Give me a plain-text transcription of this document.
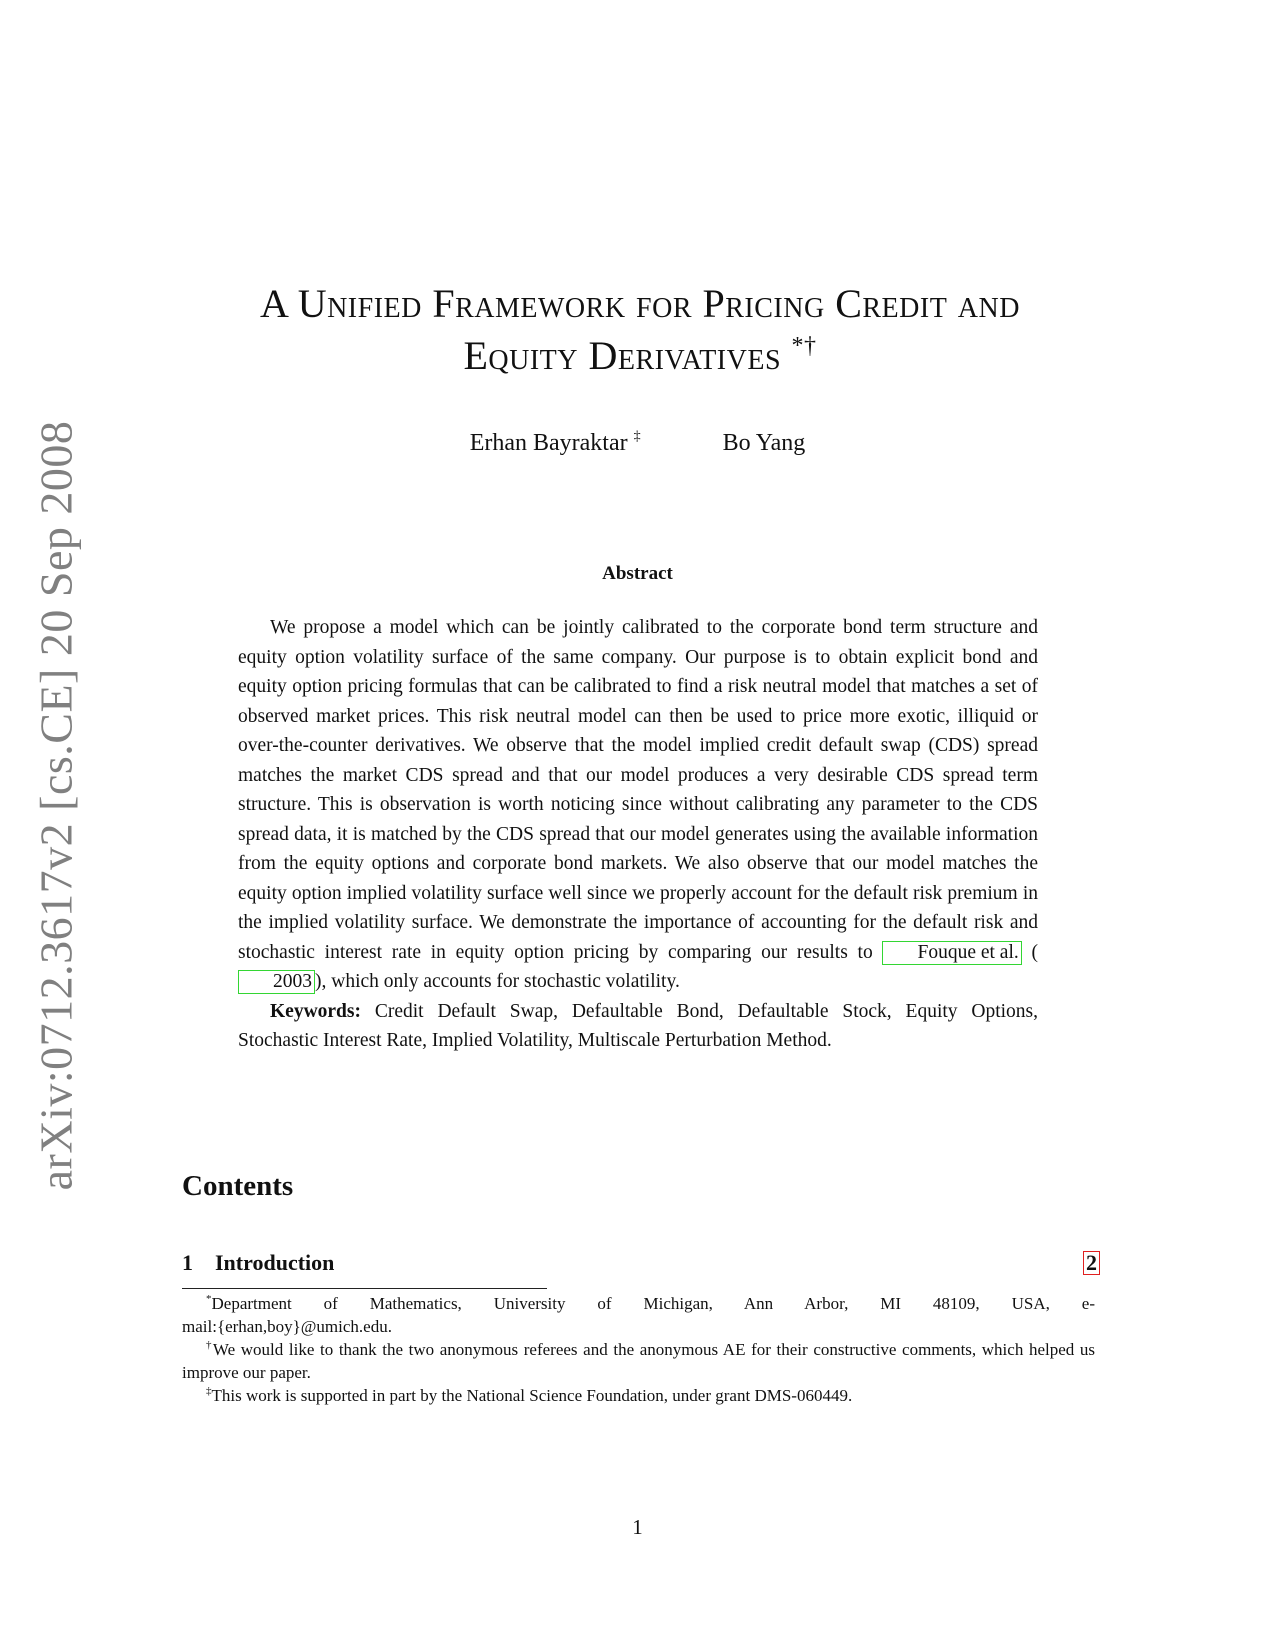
arXiv:0712.3617v2 [cs.CE] 20 Sep 2008
A Unified Framework for Pricing Credit and
Equity Derivatives *†
Erhan Bayraktar ‡	Bo Yang
Abstract

We propose a model which can be jointly calibrated to the corporate bond term structure and equity option volatility surface of the same company. Our purpose is to obtain explicit bond and equity option pricing formulas that can be calibrated to find a risk neutral model that matches a set of observed market prices. This risk neutral model can then be used to price more exotic, illiquid or over-the-counter derivatives. We observe that the model implied credit default swap (CDS) spread matches the market CDS spread and that our model produces a very desirable CDS spread term structure. This is observation is worth noticing since without calibrating any parameter to the CDS spread data, it is matched by the CDS spread that our model generates using the available information from the equity options and corporate bond markets. We also observe that our model matches the equity option implied volatility surface well since we properly account for the default risk premium in the implied volatility surface. We demonstrate the importance of accounting for the default risk and stochastic interest rate in equity option pricing by comparing our results to Fouque et al. (2003 ), which only accounts for stochastic volatility.

Keywords: Credit Default Swap, Defaultable Bond, Defaultable Stock, Equity Options, Stochastic Interest Rate, Implied Volatility, Multiscale Perturbation Method.

Contents
1	Introduction	2

*Department of Mathematics, University of Michigan, Ann Arbor, MI 48109, USA, e-

mail:{erhan,boy}@umich.edu.

†We would like to thank the two anonymous referees and the anonymous AE for their constructive comments, which helped us improve our paper.

‡This work is supported in part by the National Science Foundation, under grant DMS-060449.

1
